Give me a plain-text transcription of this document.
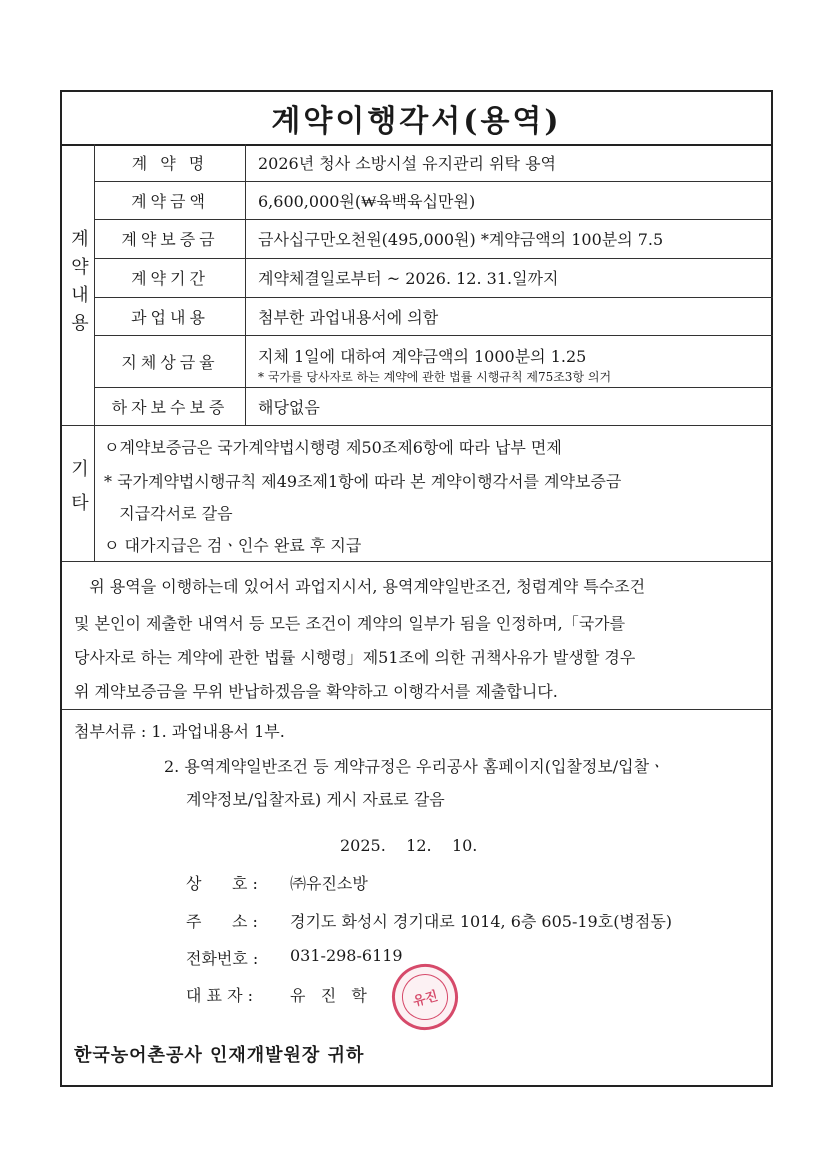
계약이행각서(용역)
계약내용
기타
계 약 명
계약금액
계약보증금
계약기간
과업내용
지체상금율
하자보수보증
2026년 청사 소방시설 유지관리 위탁 용역
6,600,000원(₩육백육십만원)
금사십구만오천원(495,000원) *계약금액의 100분의 7.5
계약체결일로부터 ~ 2026. 12. 31.일까지
첨부한 과업내용서에 의함
지체 1일에 대하여 계약금액의 1000분의 1.25
* 국가를 당사자로 하는 계약에 관한 법률 시행규칙 제75조3항 의거
해당없음
ㅇ계약보증금은 국가계약법시행령 제50조제6항에 따라 납부 면제
* 국가계약법시행규칙 제49조제1항에 따라 본 계약이행각서를 계약보증금
지급각서로 갈음
ㅇ 대가지급은 검ㆍ인수 완료 후 지급
위 용역을 이행하는데 있어서 과업지시서, 용역계약일반조건, 청렴계약 특수조건
및 본인이 제출한 내역서 등 모든 조건이 계약의 일부가 됨을 인정하며,「국가를
당사자로 하는 계약에 관한 법률 시행령」제51조에 의한 귀책사유가 발생할 경우
위 계약보증금을 무위 반납하겠음을 확약하고 이행각서를 제출합니다.
첨부서류 : 1. 과업내용서 1부.
2. 용역계약일반조건 등 계약규정은 우리공사 홈페이지(입찰정보/입찰ㆍ
계약정보/입찰자료) 게시 자료로 갈음
2025.    12.    10.
상      호 : ㈜유진소방
주      소 : 경기도 화성시 경기대로 1014, 6층 605-19호(병점동)
전화번호 : 031-298-6119
대 표 자 : 유   진   학	유진
한국농어촌공사 인재개발원장 귀하
